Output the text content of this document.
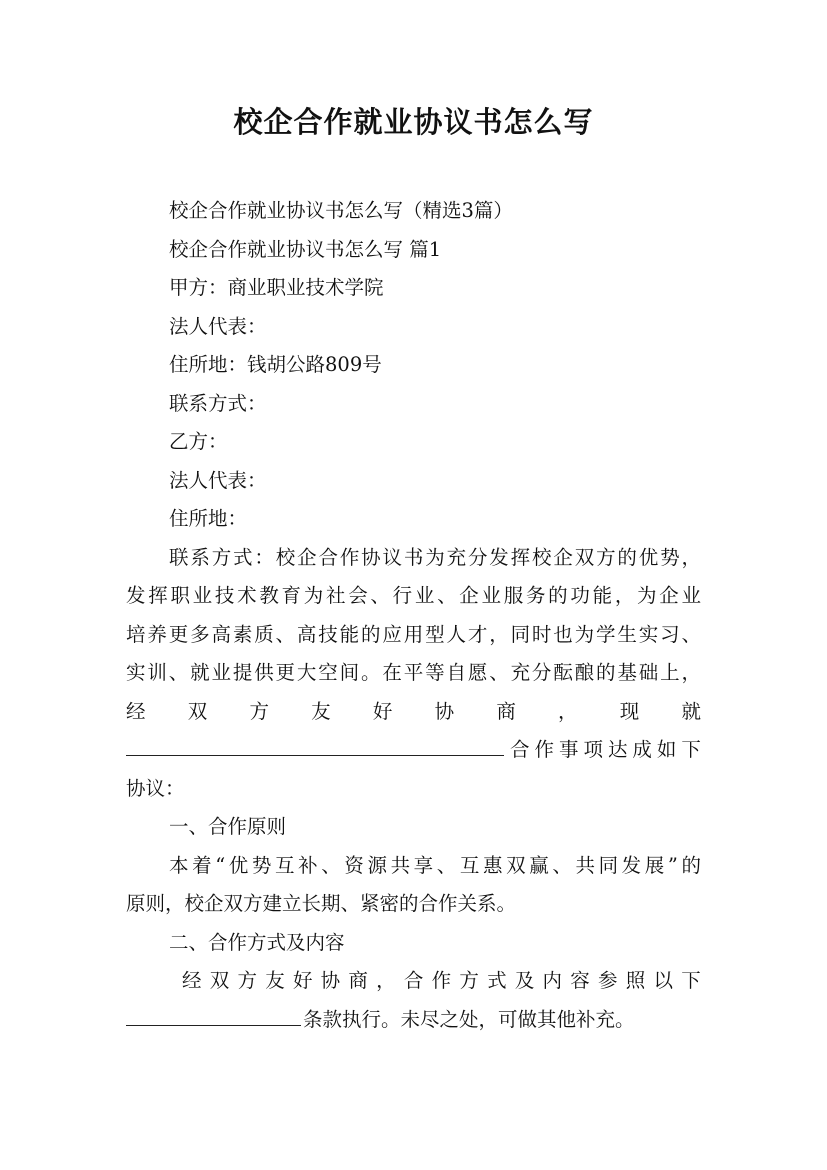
校企合作就业协议书怎么写

校企合作就业协议书怎么写（精选3篇）

校企合作就业协议书怎么写 篇1

甲方：商业职业技术学院

法人代表：

住所地：钱胡公路809号

联系方式：

乙方：

法人代表：

住所地：

联系方式：校企合作协议书为充分发挥校企双方的优势，

发挥职业技术教育为社会、行业、企业服务的功能，为企业

培养更多高素质、高技能的应用型人才，同时也为学生实习、

实训、就业提供更大空间。在平等自愿、充分酝酿的基础上，

经 双 方 友 好 协 商 ， 现 就

合 作 事 项 达 成 如 下

协议：

一、合作原则

本着“优势互补、资源共享、互惠双赢、共同发展”的

原则，校企双方建立长期、紧密的合作关系。

二、合作方式及内容

经 双 方 友 好 协 商 ， 合 作 方 式 及 内 容 参 照 以 下

条款执行。未尽之处，可做其他补充。
